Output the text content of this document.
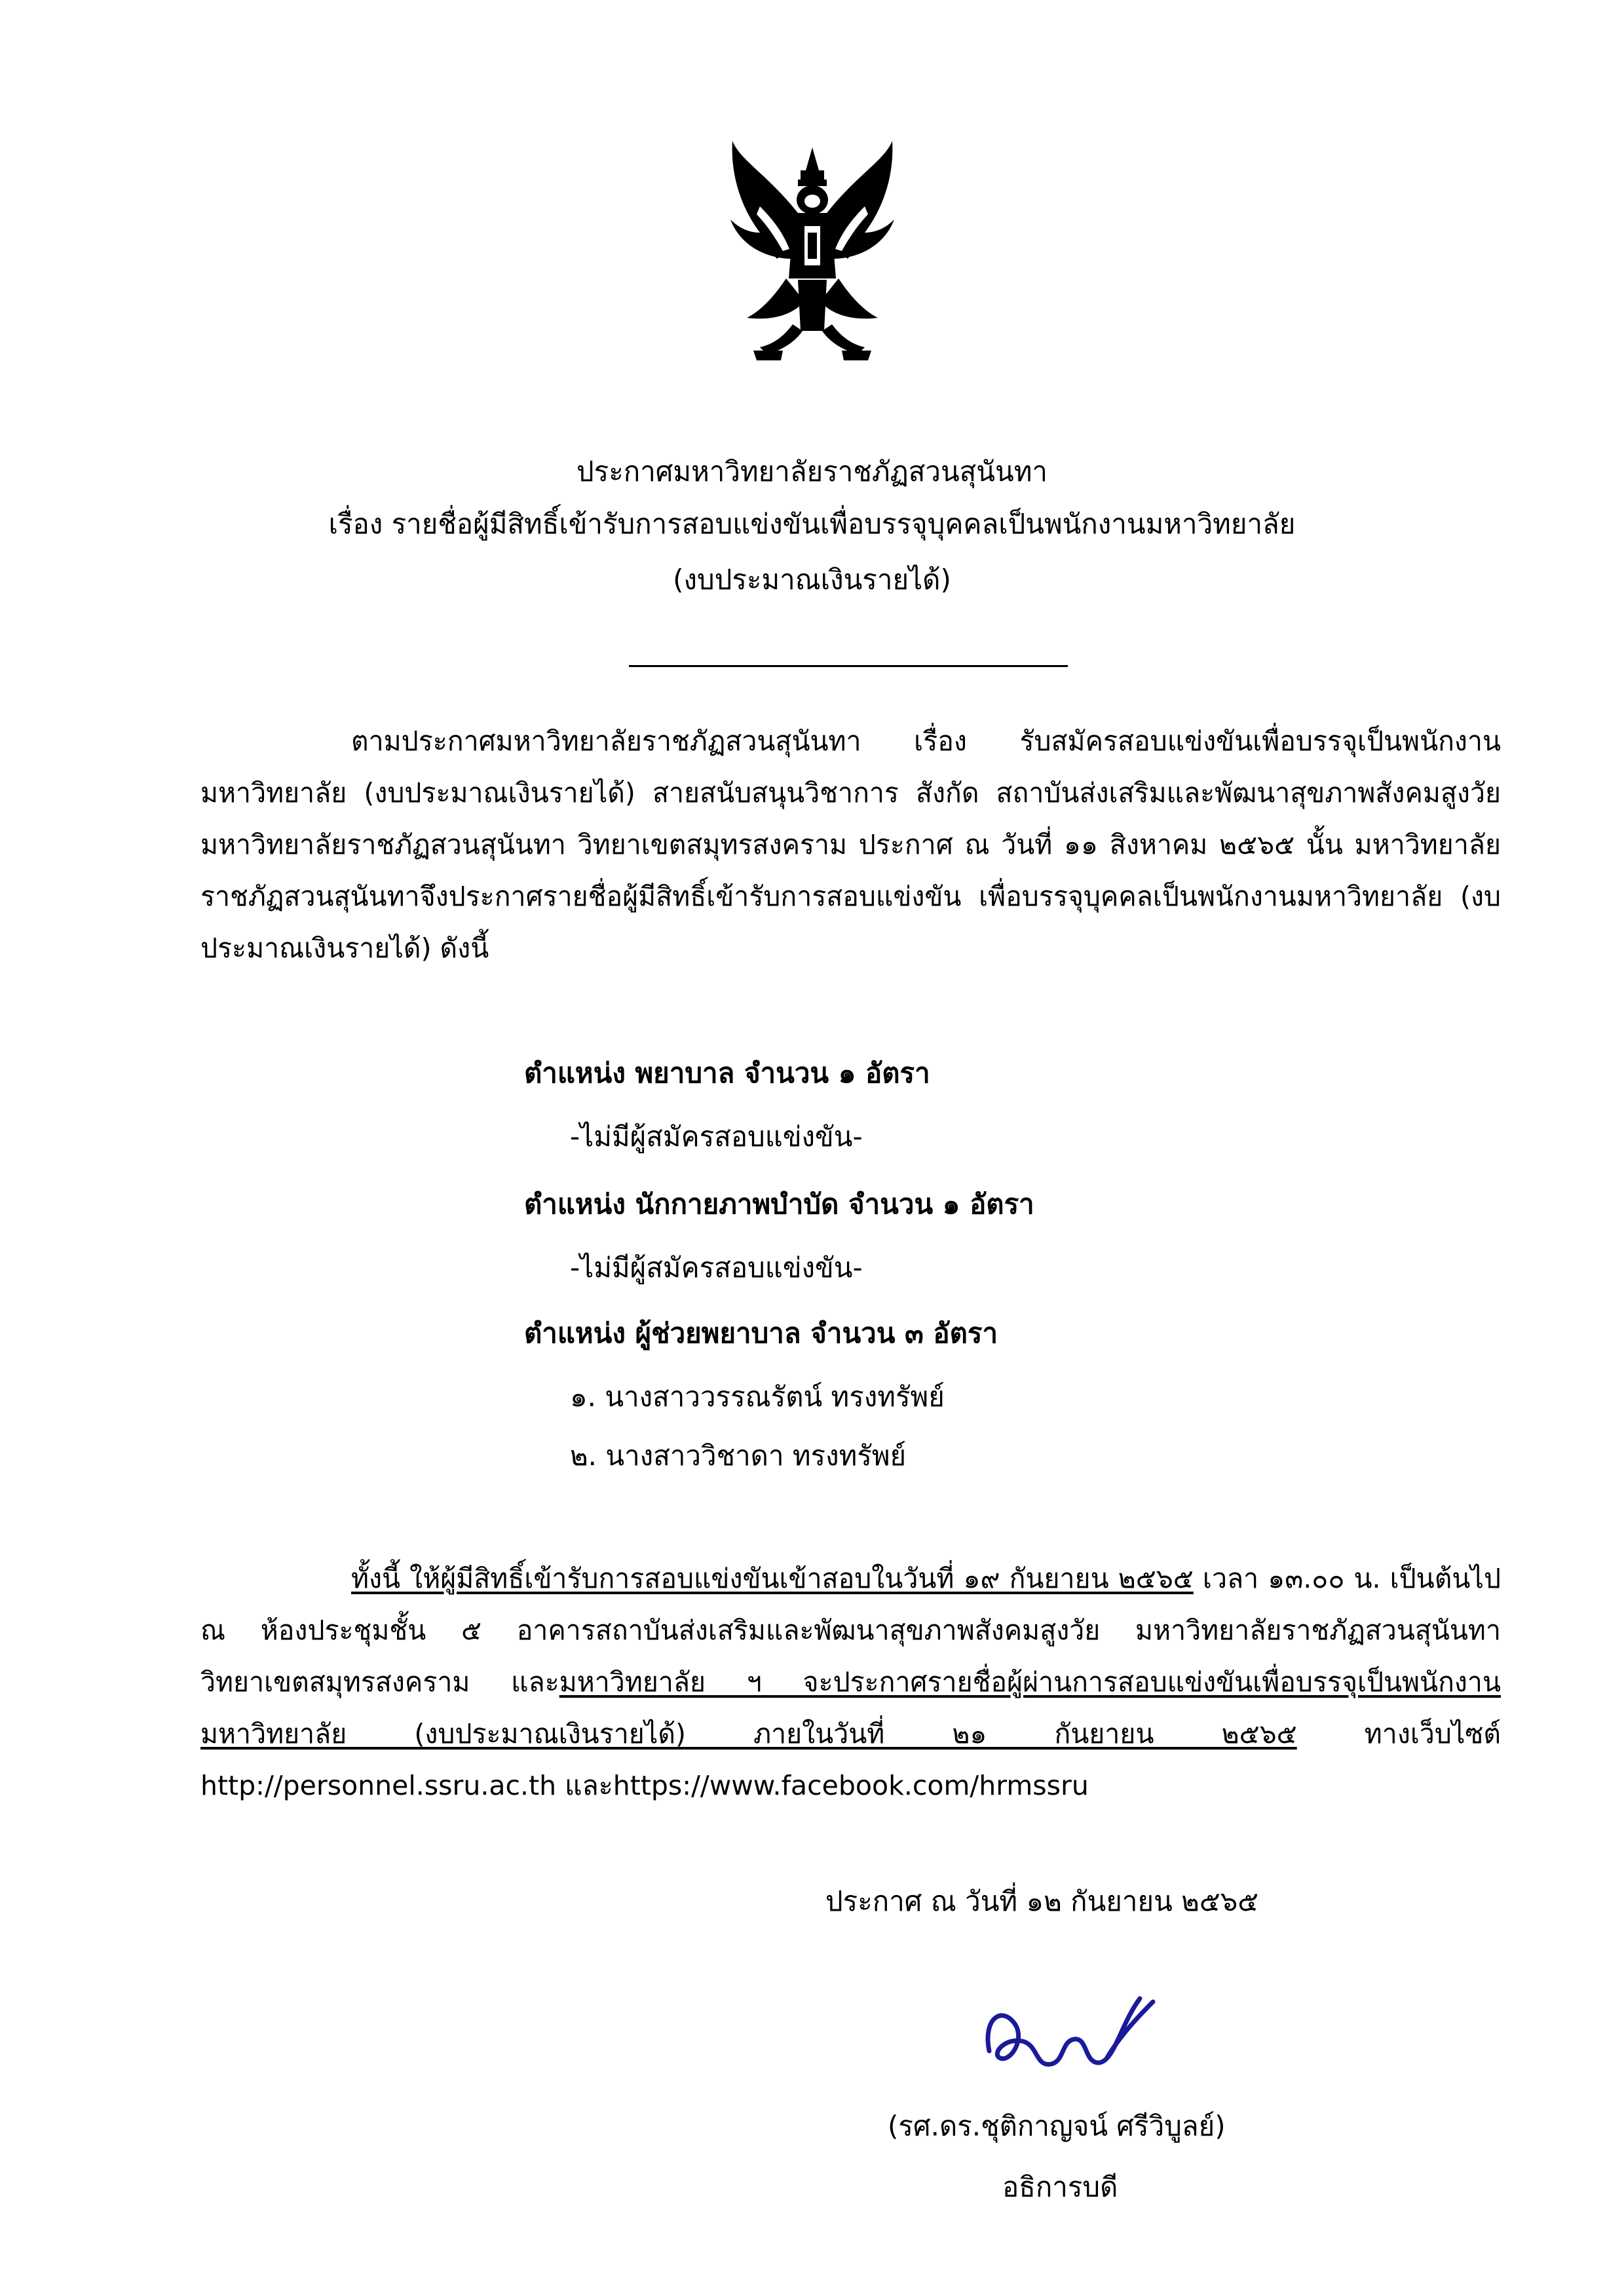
ประกาศมหาวิทยาลัยราชภัฏสวนสุนันทา
เรื่อง รายชื่อผู้มีสิทธิ์เข้ารับการสอบแข่งขันเพื่อบรรจุบุคคลเป็นพนักงานมหาวิทยาลัย
(งบประมาณเงินรายได้)
ตามประกาศมหาวิทยาลัยราชภัฏสวนสุนันทา เรื่อง รับสมัครสอบแข่งขันเพื่อบรรจุเป็นพนักงานมหาวิทยาลัย (งบประมาณเงินรายได้) สายสนับสนุนวิชาการ สังกัด สถาบันส่งเสริมและพัฒนาสุขภาพสังคมสูงวัย มหาวิทยาลัยราชภัฏสวนสุนันทา วิทยาเขตสมุทรสงคราม ประกาศ ณ วันที่ ๑๑ สิงหาคม ๒๕๖๕ นั้น มหาวิทยาลัยราชภัฏสวนสุนันทาจึงประกาศรายชื่อผู้มีสิทธิ์เข้ารับการสอบแข่งขัน เพื่อบรรจุบุคคลเป็นพนักงานมหาวิทยาลัย (งบประมาณเงินรายได้) ดังนี้
ตำแหน่ง พยาบาล จำนวน ๑ อัตรา
-ไม่มีผู้สมัครสอบแข่งขัน-
ตำแหน่ง นักกายภาพบำบัด จำนวน ๑ อัตรา
-ไม่มีผู้สมัครสอบแข่งขัน-
ตำแหน่ง ผู้ช่วยพยาบาล จำนวน ๓ อัตรา
๑. นางสาววรรณรัตน์ ทรงทรัพย์
๒. นางสาววิชาดา ทรงทรัพย์
ทั้งนี้ ให้ผู้มีสิทธิ์เข้ารับการสอบแข่งขันเข้าสอบในวันที่ ๑๙ กันยายน ๒๕๖๕ เวลา ๑๓.๐๐ น. เป็นต้นไป ณ ห้องประชุมชั้น ๕ อาคารสถาบันส่งเสริมและพัฒนาสุขภาพสังคมสูงวัย มหาวิทยาลัยราชภัฏสวนสุนันทา วิทยาเขตสมุทรสงคราม และมหาวิทยาลัย ฯ จะประกาศรายชื่อผู้ผ่านการสอบแข่งขันเพื่อบรรจุเป็นพนักงานมหาวิทยาลัย (งบประมาณเงินรายได้) ภายในวันที่ ๒๑ กันยายน ๒๕๖๕ ทางเว็บไซต์ http://personnel.ssru.ac.th และhttps://www.facebook.com/hrmssru
ประกาศ ณ วันที่ ๑๒ กันยายน ๒๕๖๕
(รศ.ดร.ชุติกาญจน์ ศรีวิบูลย์)
อธิการบดี
